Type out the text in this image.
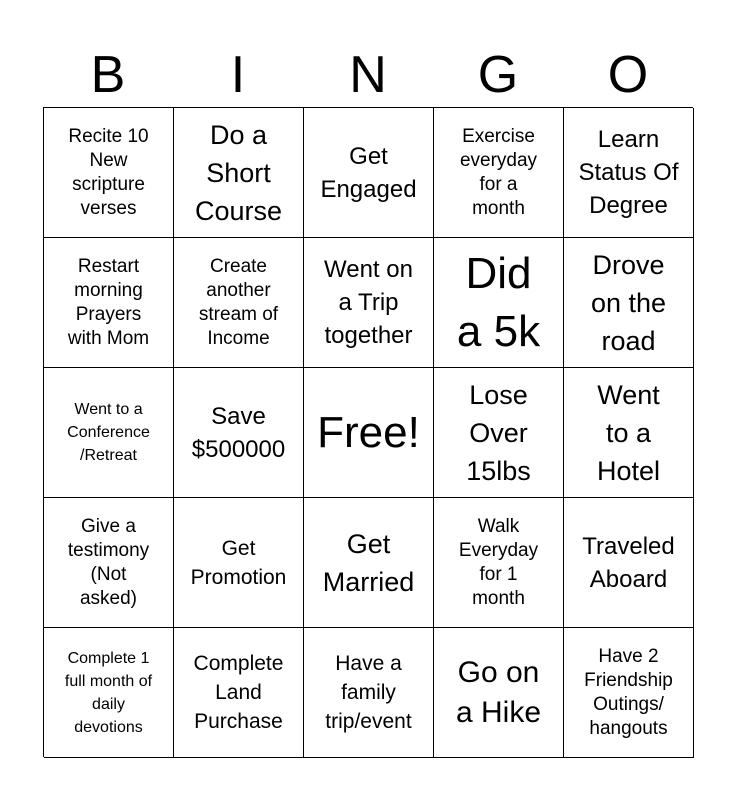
B	I	N	G	O
Recite 10
New
scripture
verses
Do a
Short
Course
Get
Engaged
Exercise
everyday
for a
month
Learn
Status Of
Degree
Restart
morning
Prayers
with Mom
Create
another
stream of
Income
Went on
a Trip
together
Did
a 5k
Drove
on the
road
Went to a
Conference
/Retreat
Save
$500000 Free!
Lose
Over
15lbs
Went
to a
Hotel
Give a
testimony
(Not
asked)
Get
Promotion
Get
Married
Walk
Everyday
for 1
month
Traveled
Aboard
Complete 1
full month of
daily
devotions
Complete
Land
Purchase
Have a
family
trip/event
Go on
a Hike
Have 2
Friendship
Outings/
hangouts
